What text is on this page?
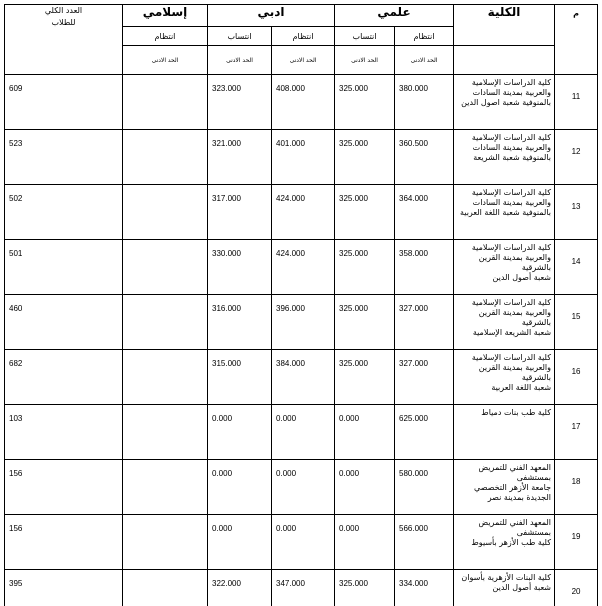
م	الكلية	علمي		ادبي		إسلامي	العدد الكلي
للطلاب

		انتظام	انتساب	انتظام	انتساب	انتظام	
		الحد الادنى	الحد الادنى	الحد الادنى	الحد الادنى	الحد الادنى	
11	كلية الدراسات الإسلامية
والعربية بمدينة السادات
بالمنوفية شعبة اصول الدين	380.000	325.000	408.000	323.000		609
12	كلية الدراسات الإسلامية
والعربية بمدينة السادات
بالمنوفية شعبة الشريعة	360.500	325.000	401.000	321.000		523
13	كلية الدراسات الإسلامية
والعربية بمدينة السادات
بالمنوفية شعبة اللغة العربية	364.000	325.000	424.000	317.000		502
14	كلية الدراسات الإسلامية
والعربية بمدينة القرين بالشرقية
شعبة أصول الدين	358.000	325.000	424.000	330.000		501
15	كلية الدراسات الإسلامية
والعربية بمدينة القرين بالشرقية
شعبة الشريعة الإسلامية	327.000	325.000	396.000	316.000		460
16	كلية الدراسات الإسلامية
والعربية بمدينة القرين بالشرقية
شعبة اللغة العربية	327.000	325.000	384.000	315.000		682
17	كلية طب بنات دمياط	625.000	0.000	0.000	0.000		103
18	المعهد الفني للتمريض بمستشفى
جامعة الأزهر التخصصي
الجديدة بمدينة نصر	580.000	0.000	0.000	0.000		156
19	المعهد الفني للتمريض بمستشفى
كلية طب الأزهر بأسيوط	566.000	0.000	0.000	0.000		156
20	كلية البنات الأزهرية بأسوان
شعبة أصول الدين	334.000	325.000	347.000	322.000		395
